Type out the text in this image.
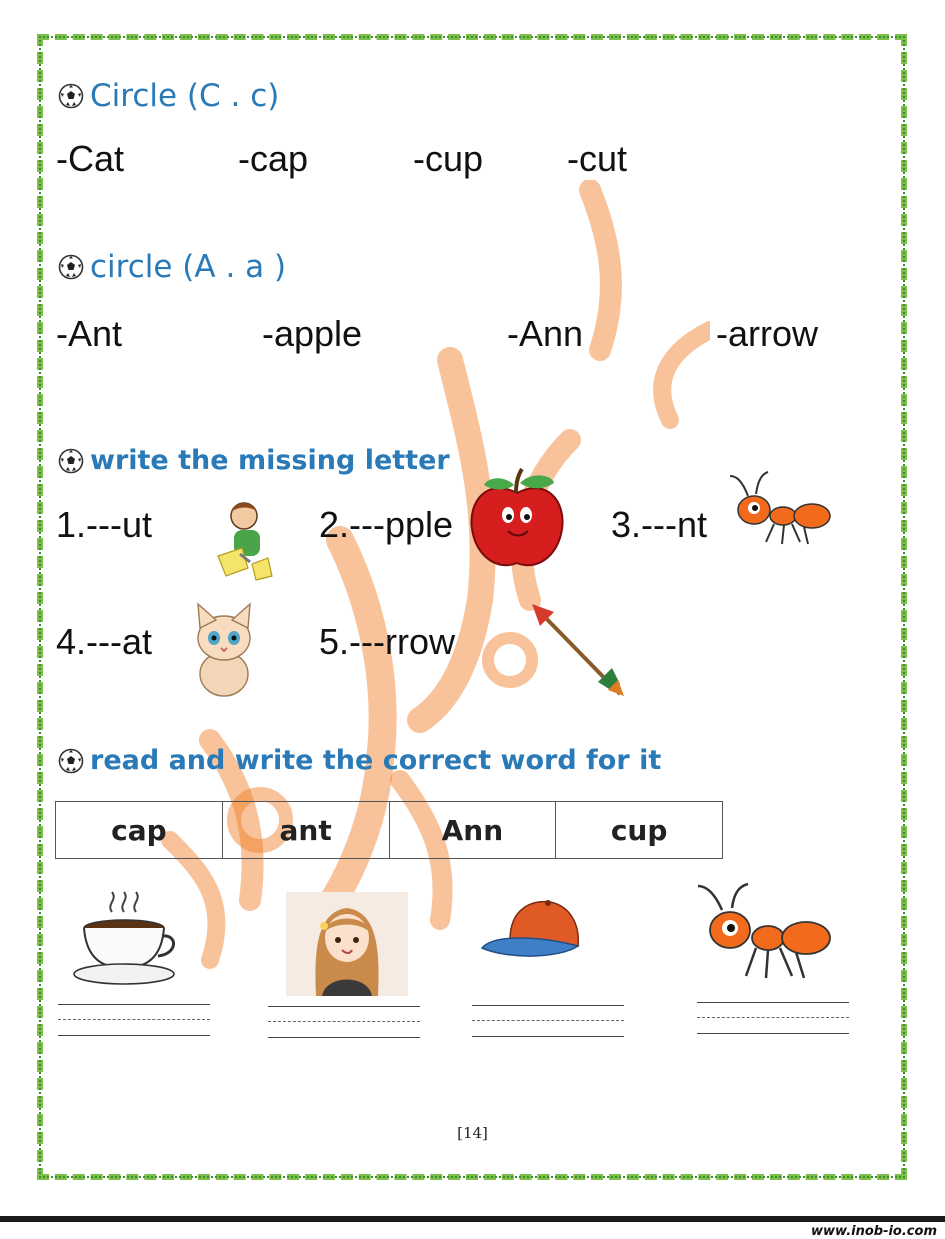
Circle (C . c)
-Cat	-cap	-cup -cut
circle (A . a )
-Ant	-apple	-Ann	-arrow
write the missing letter
1.---ut	2.---pple	3.---nt
4.---at	5.---rrow
read and write the correct word for it
cap	ant	Ann	cup
[14]
www.inob-io.com
